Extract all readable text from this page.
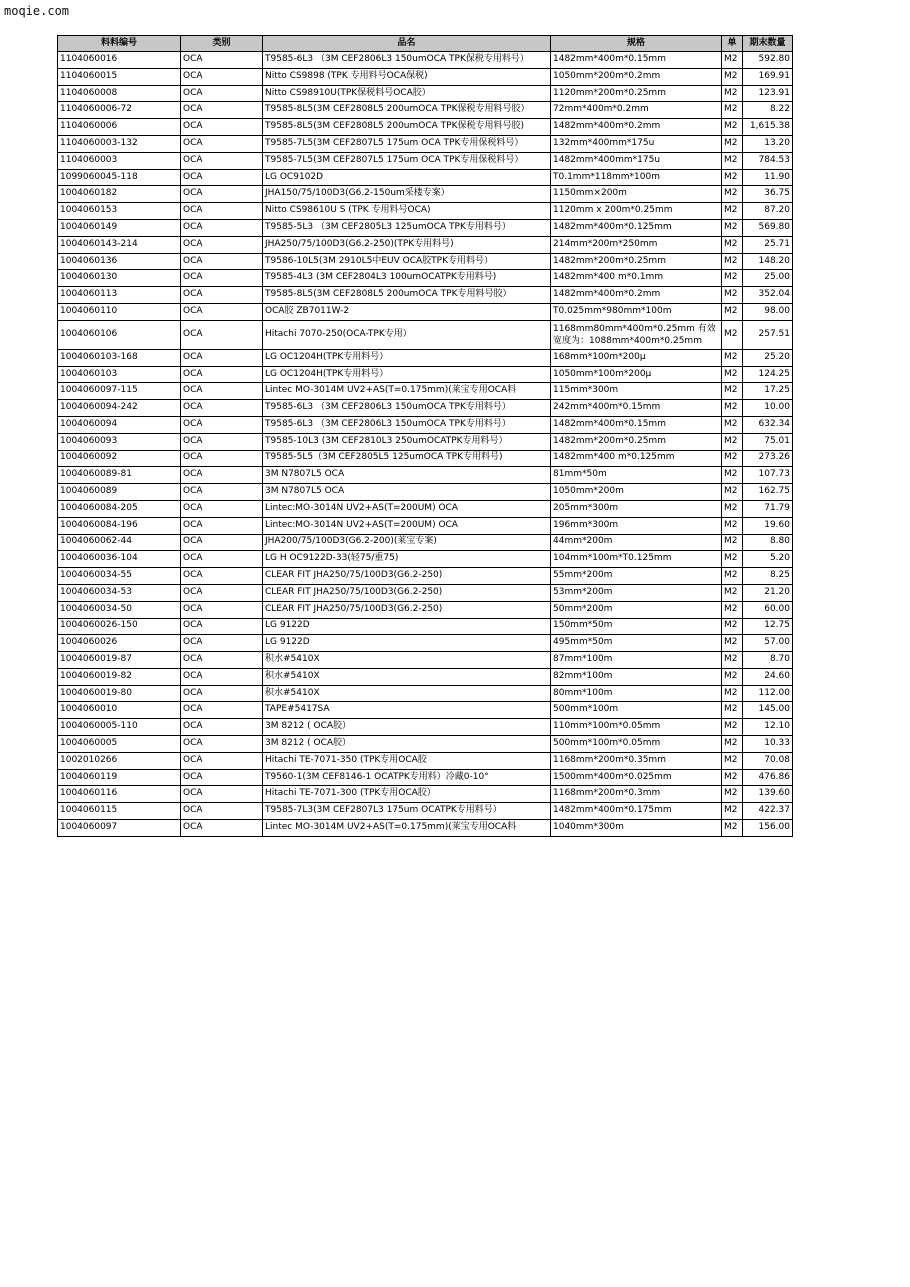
moqie.com
料料编号	类别	品名	规格	单	期末数量
1104060016	OCA	T9585-6L3 （3M CEF2806L3 150umOCA TPK保税专用料号）	1482mm*400m*0.15mm	M2	592.80
1104060015	OCA	Nitto CS9898 (TPK 专用料号OCA保税)	1050mm*200m*0.2mm	M2	169.91
1104060008	OCA	Nitto CS98910U(TPK保税料号OCA胶）	1120mm*200m*0.25mm	M2	123.91
1104060006-72	OCA	T9585-8L5(3M CEF2808L5 200umOCA TPK保税专用料号胶）	72mm*400m*0.2mm	M2	8.22
1104060006	OCA	T9585-8L5(3M CEF2808L5 200umOCA TPK保税专用料号胶)	1482mm*400m*0.2mm	M2	1,615.38
1104060003-132	OCA	T9585-7L5(3M CEF2807L5 175um OCA TPK专用保税料号）	132mm*400mm*175u	M2	13.20
1104060003	OCA	T9585-7L5(3M CEF2807L5 175um OCA TPK专用保税料号）	1482mm*400mm*175u	M2	784.53
1099060045-118	OCA	LG OC9102D	T0.1mm*118mm*100m	M2	11.90
1004060182	OCA	JHA150/75/100D3(G6.2-150um采楼专案）	1150mm×200m	M2	36.75
1004060153	OCA	Nitto CS98610U S (TPK 专用料号OCA)	1120mm x 200m*0.25mm	M2	87.20
1004060149	OCA	T9585-5L3 （3M CEF2805L3 125umOCA TPK专用料号）	1482mm*400m*0.125mm	M2	569.80
1004060143-214	OCA	JHA250/75/100D3(G6.2-250)(TPK专用料号)	214mm*200m*250mm	M2	25.71
1004060136	OCA	T9586-10L5(3M 2910L5中EUV OCA胶TPK专用料号）	1482mm*200m*0.25mm	M2	148.20
1004060130	OCA	T9585-4L3 (3M CEF2804L3 100umOCATPK专用料号)	1482mm*400 m*0.1mm	M2	25.00
1004060113	OCA	T9585-8L5(3M CEF2808L5 200umOCA TPK专用料号胶）	1482mm*400m*0.2mm	M2	352.04
1004060110	OCA	OCA胶 ZB7011W-2	T0.025mm*980mm*100m	M2	98.00
1004060106	OCA	Hitachi 7070-250(OCA-TPK专用）	1168mm80mm*400m*0.25mm 有效宽度为：1088mm*400m*0.25mm	M2	257.51
1004060103-168	OCA	LG OC1204H(TPK专用料号）	168mm*100m*200μ	M2	25.20
1004060103	OCA	LG OC1204H(TPK专用料号）	1050mm*100m*200μ	M2	124.25
1004060097-115	OCA	Lintec MO-3014M UV2+AS(T=0.175mm)(莱宝专用OCA料	115mm*300m	M2	17.25
1004060094-242	OCA	T9585-6L3 （3M CEF2806L3 150umOCA TPK专用料号）	242mm*400m*0.15mm	M2	10.00
1004060094	OCA	T9585-6L3 （3M CEF2806L3 150umOCA TPK专用料号）	1482mm*400m*0.15mm	M2	632.34
1004060093	OCA	T9585-10L3 (3M CEF2810L3 250umOCATPK专用料号）	1482mm*200m*0.25mm	M2	75.01
1004060092	OCA	T9585-5L5（3M CEF2805L5 125umOCA TPK专用料号)	1482mm*400 m*0.125mm	M2	273.26
1004060089-81	OCA	3M N7807L5 OCA	81mm*50m	M2	107.73
1004060089	OCA	3M N7807L5 OCA	1050mm*200m	M2	162.75
1004060084-205	OCA	Lintec:MO-3014N UV2+AS(T=200UM) OCA	205mm*300m	M2	71.79
1004060084-196	OCA	Lintec:MO-3014N UV2+AS(T=200UM) OCA	196mm*300m	M2	19.60
1004060062-44	OCA	JHA200/75/100D3(G6.2-200)(莱宝专案)	44mm*200m	M2	8.80
1004060036-104	OCA	LG H OC9122D-33(轻75/重75)	104mm*100m*T0.125mm	M2	5.20
1004060034-55	OCA	CLEAR FIT JHA250/75/100D3(G6.2-250)	55mm*200m	M2	8.25
1004060034-53	OCA	CLEAR FIT JHA250/75/100D3(G6.2-250)	53mm*200m	M2	21.20
1004060034-50	OCA	CLEAR FIT JHA250/75/100D3(G6.2-250)	50mm*200m	M2	60.00
1004060026-150	OCA	LG 9122D	150mm*50m	M2	12.75
1004060026	OCA	LG 9122D	495mm*50m	M2	57.00
1004060019-87	OCA	积水#5410X	87mm*100m	M2	8.70
1004060019-82	OCA	积水#5410X	82mm*100m	M2	24.60
1004060019-80	OCA	积水#5410X	80mm*100m	M2	112.00
1004060010	OCA	TAPE#5417SA	500mm*100m	M2	145.00
1004060005-110	OCA	3M 8212 ( OCA胶）	110mm*100m*0.05mm	M2	12.10
1004060005	OCA	3M 8212 ( OCA胶）	500mm*100m*0.05mm	M2	10.33
1002010266	OCA	Hitachi TE-7071-350 (TPK专用OCA胶	1168mm*200m*0.35mm	M2	70.08
1004060119	OCA	T9560-1(3M CEF8146-1 OCATPK专用料）冷藏0-10°	1500mm*400m*0.025mm	M2	476.86
1004060116	OCA	Hitachi TE-7071-300 (TPK专用OCA胶）	1168mm*200m*0.3mm	M2	139.60
1004060115	OCA	T9585-7L3(3M CEF2807L3 175um OCATPK专用料号）	1482mm*400m*0.175mm	M2	422.37
1004060097	OCA	Lintec MO-3014M UV2+AS(T=0.175mm)(莱宝专用OCA料	1040mm*300m	M2	156.00
